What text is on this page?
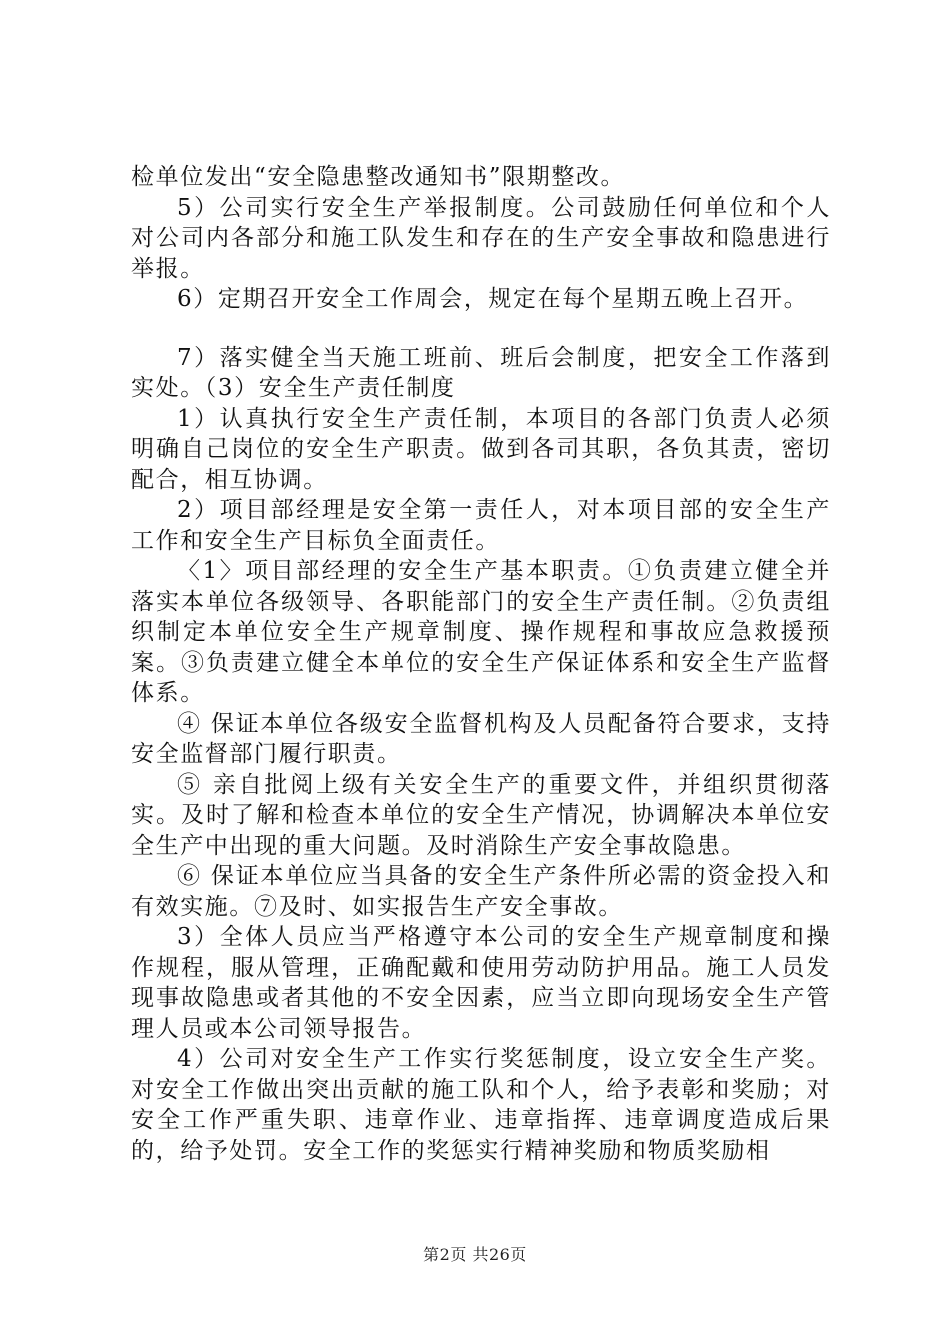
检单位发出“安全隐患整改通知书”限期整改。

5）公司实行安全生产举报制度。公司鼓励任何单位和个人对公司内各部分和施工队发生和存在的生产安全事故和隐患进行举报。

6）定期召开安全工作周会，规定在每个星期五晚上召开。

7）落实健全当天施工班前、班后会制度，把安全工作落到实处。（3）安全生产责任制度

1）认真执行安全生产责任制，本项目的各部门负责人必须明确自己岗位的安全生产职责。做到各司其职，各负其责，密切配合，相互协调。

2）项目部经理是安全第一责任人，对本项目部的安全生产工作和安全生产目标负全面责任。

〈1〉项目部经理的安全生产基本职责。①负责建立健全并落实本单位各级领导、各职能部门的安全生产责任制。②负责组织制定本单位安全生产规章制度、操作规程和事故应急救援预案。③负责建立健全本单位的安全生产保证体系和安全生产监督体系。

④ 保证本单位各级安全监督机构及人员配备符合要求，支持安全监督部门履行职责。

⑤ 亲自批阅上级有关安全生产的重要文件，并组织贯彻落实。及时了解和检查本单位的安全生产情况，协调解决本单位安全生产中出现的重大问题。及时消除生产安全事故隐患。

⑥ 保证本单位应当具备的安全生产条件所必需的资金投入和有效实施。⑦及时、如实报告生产安全事故。

3）全体人员应当严格遵守本公司的安全生产规章制度和操作规程，服从管理，正确配戴和使用劳动防护用品。施工人员发现事故隐患或者其他的不安全因素，应当立即向现场安全生产管理人员或本公司领导报告。

4）公司对安全生产工作实行奖惩制度，设立安全生产奖。对安全工作做出突出贡献的施工队和个人，给予表彰和奖励；对安全工作严重失职、违章作业、违章指挥、违章调度造成后果的，给予处罚。安全工作的奖惩实行精神奖励和物质奖励相

第2页 共26页
